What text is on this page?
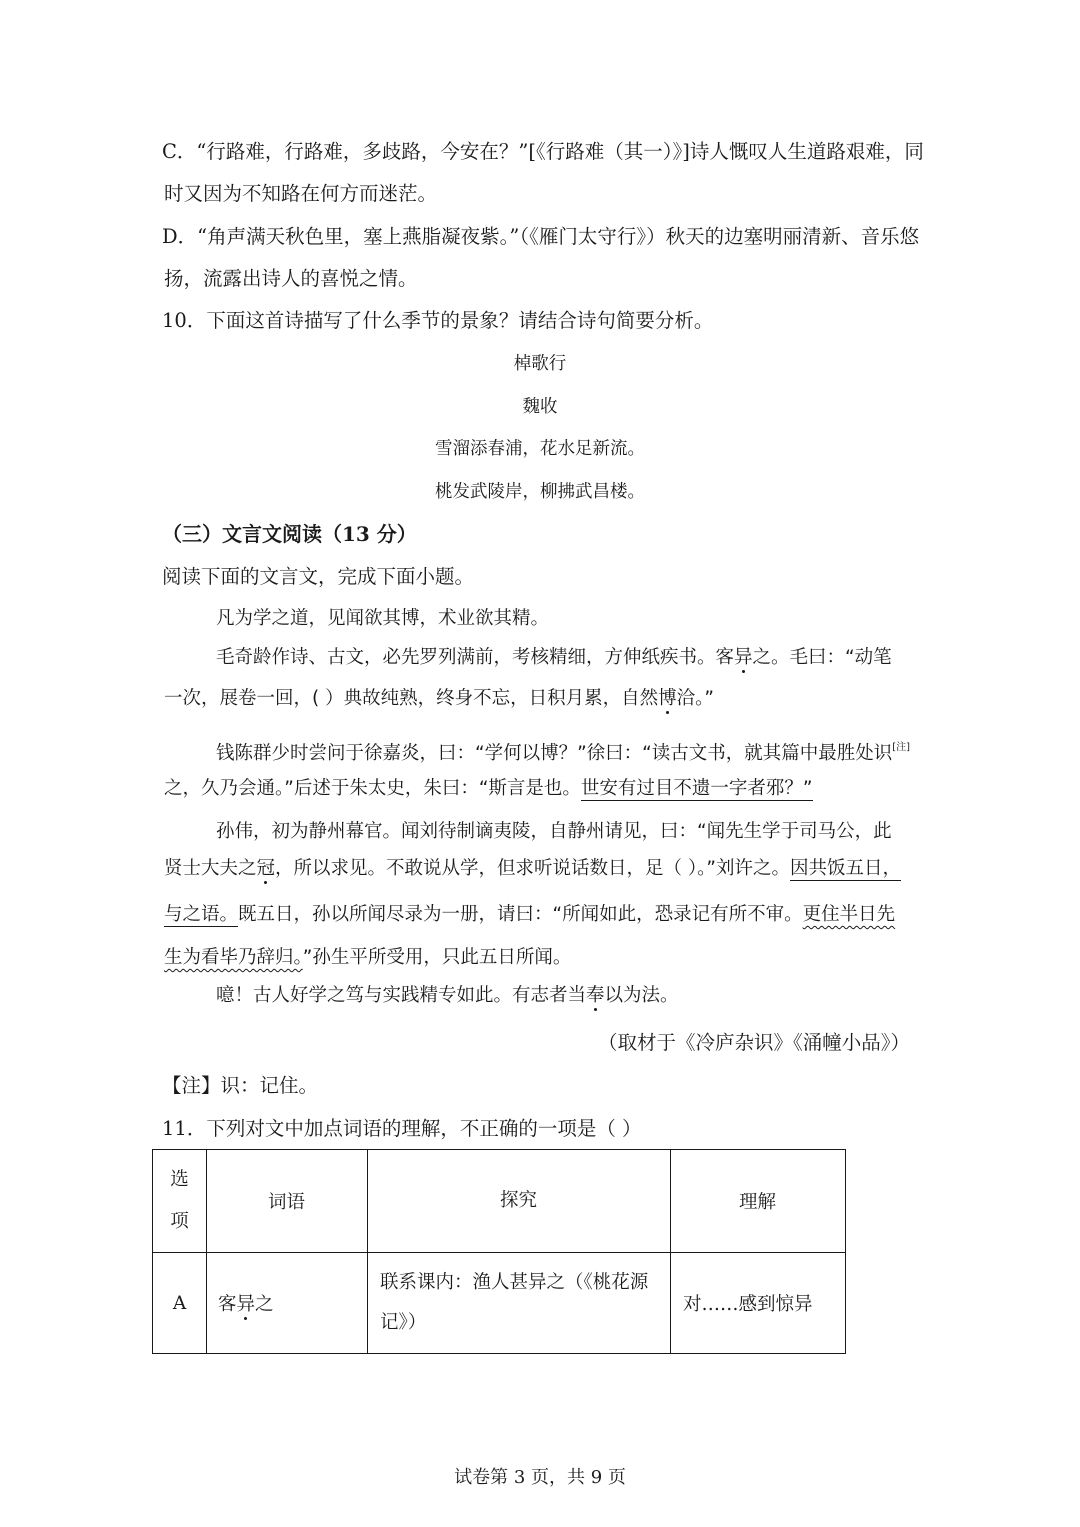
C．“行路难，行路难，多歧路，今安在？”[《行路难（其一）》]诗人慨叹人生道路艰难，同
时又因为不知路在何方而迷茫。
D．“角声满天秋色里，塞上燕脂凝夜紫。”（《雁门太守行》）秋天的边塞明丽清新、音乐悠
扬，流露出诗人的喜悦之情。
10．下面这首诗描写了什么季节的景象？请结合诗句简要分析。
棹歌行
魏收
雪溜添春浦，花水足新流。
桃发武陵岸，柳拂武昌楼。
（三）文言文阅读（13 分）
阅读下面的文言文，完成下面小题。
凡为学之道，见闻欲其博，术业欲其精。
毛奇龄作诗、古文，必先罗列满前，考核精细，方伸纸疾书。客异之。毛曰：“动笔
一次，展卷一回，( ）典故纯熟，终身不忘，日积月累，自然博洽。”
钱陈群少时尝问于徐嘉炎，曰：“学何以博？”徐曰：“读古文书，就其篇中最胜处识[注]
之，久乃会通。”后述于朱太史，朱曰：“斯言是也。世安有过目不遗一字者邪？”
孙伟，初为静州幕官。闻刘待制谪夷陵，自静州请见，曰：“闻先生学于司马公，此
贤士大夫之冠，所以求见。不敢说从学，但求听说话数日，足（ ）。”刘许之。因共饭五日，
与之语。既五日，孙以所闻尽录为一册，请曰：“所闻如此，恐录记有所不审。更住半日先
生为看毕乃辞归。”孙生平所受用，只此五日所闻。
噫！古人好学之笃与实践精专如此。有志者当奉以为法。
（取材于《冷庐杂识》《涌幢小品》）
【注】识：记住。
11．下列对文中加点词语的理解，不正确的一项是（ ）
选
项	词语	探究	理解
A	客异之	联系课内：渔人甚异之（《桃花源
记》）	对……感到惊异
试卷第 3 页，共 9 页
